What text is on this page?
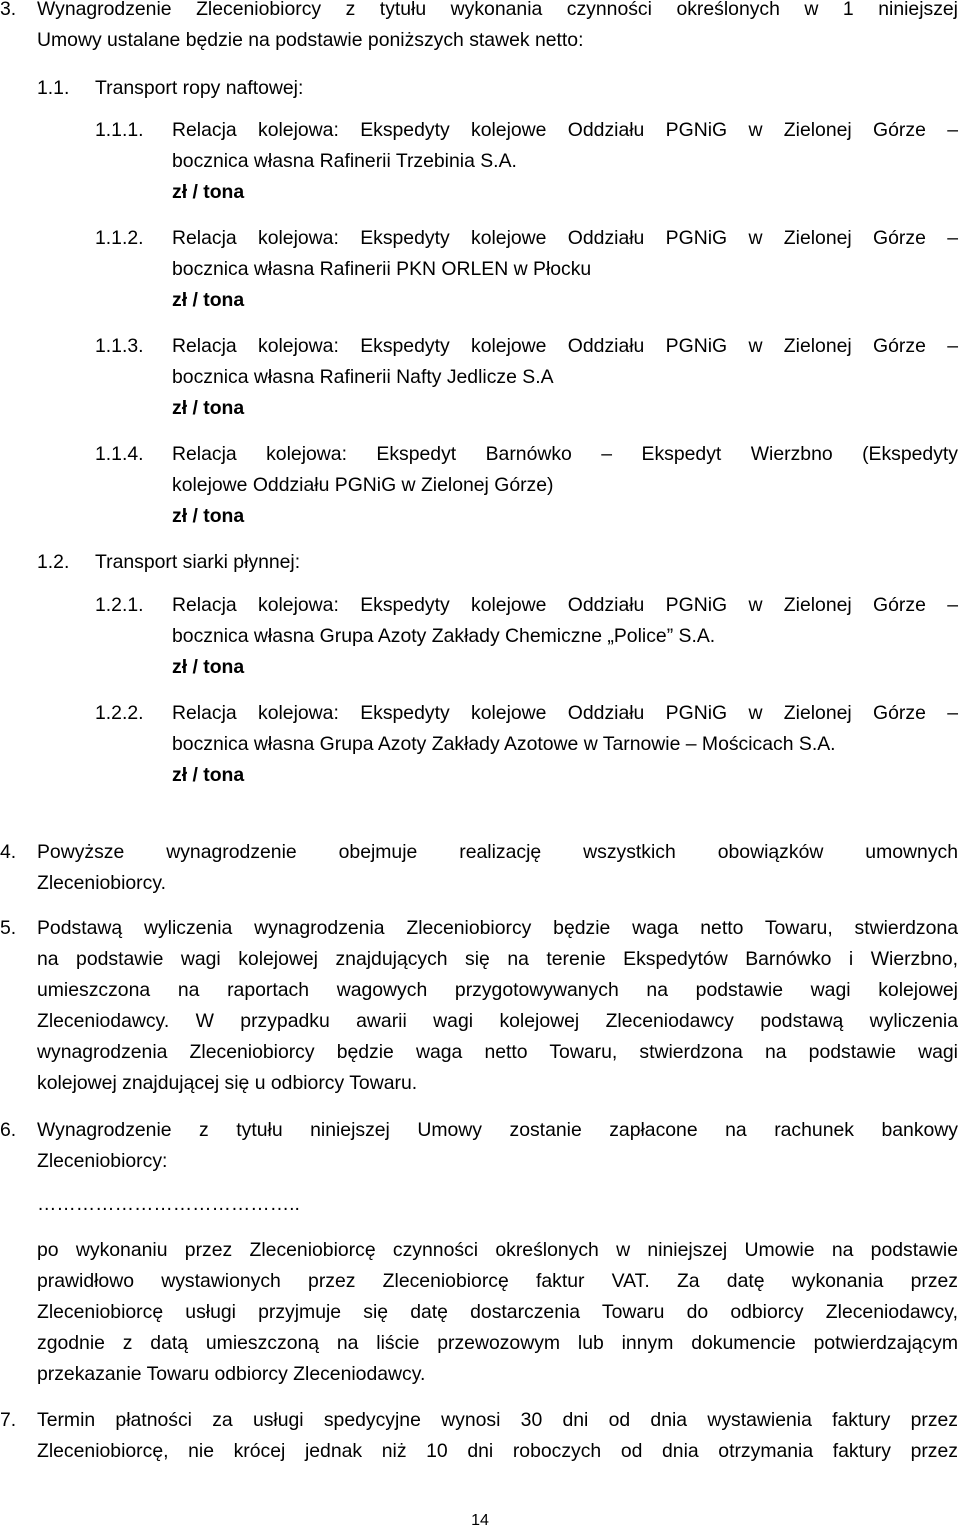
3. Wynagrodzenie Zleceniobiorcy z tytułu wykonania czynności określonych w 1 niniejszej
Umowy ustalane będzie na podstawie poniższych stawek netto:
1.1. Transport ropy naftowej:
1.1.1. Relacja kolejowa: Ekspedyty kolejowe Oddziału PGNiG w Zielonej Górze –
bocznica własna Rafinerii Trzebinia S.A.
zł / tona
1.1.2. Relacja kolejowa: Ekspedyty kolejowe Oddziału PGNiG w Zielonej Górze –
bocznica własna Rafinerii PKN ORLEN w Płocku
zł / tona
1.1.3. Relacja kolejowa: Ekspedyty kolejowe Oddziału PGNiG w Zielonej Górze –
bocznica własna Rafinerii Nafty Jedlicze S.A
zł / tona
1.1.4. Relacja kolejowa: Ekspedyt Barnówko – Ekspedyt Wierzbno (Ekspedyty
kolejowe Oddziału PGNiG w Zielonej Górze)
zł / tona
1.2. Transport siarki płynnej:
1.2.1. Relacja kolejowa: Ekspedyty kolejowe Oddziału PGNiG w Zielonej Górze –
bocznica własna Grupa Azoty Zakłady Chemiczne „Police” S.A.
zł / tona
1.2.2. Relacja kolejowa: Ekspedyty kolejowe Oddziału PGNiG w Zielonej Górze –
bocznica własna Grupa Azoty Zakłady Azotowe w Tarnowie – Mościcach S.A.
zł / tona
4. Powyższe wynagrodzenie obejmuje realizację wszystkich obowiązków umownych
Zleceniobiorcy.
5. Podstawą wyliczenia wynagrodzenia Zleceniobiorcy będzie waga netto Towaru, stwierdzona
na podstawie wagi kolejowej znajdujących się na terenie Ekspedytów Barnówko i Wierzbno,
umieszczona na raportach wagowych przygotowywanych na podstawie wagi kolejowej
Zleceniodawcy. W przypadku awarii wagi kolejowej Zleceniodawcy podstawą wyliczenia
wynagrodzenia Zleceniobiorcy będzie waga netto Towaru, stwierdzona na podstawie wagi
kolejowej znajdującej się u odbiorcy Towaru.
6. Wynagrodzenie z tytułu niniejszej Umowy zostanie zapłacone na rachunek bankowy
Zleceniobiorcy:
…………………………………..
po wykonaniu przez Zleceniobiorcę czynności określonych w niniejszej Umowie na podstawie
prawidłowo wystawionych przez Zleceniobiorcę faktur VAT. Za datę wykonania przez
Zleceniobiorcę usługi przyjmuje się datę dostarczenia Towaru do odbiorcy Zleceniodawcy,
zgodnie z datą umieszczoną na liście przewozowym lub innym dokumencie potwierdzającym
przekazanie Towaru odbiorcy Zleceniodawcy.
7. Termin płatności za usługi spedycyjne wynosi 30 dni od dnia wystawienia faktury przez
Zleceniobiorcę, nie krócej jednak niż 10 dni roboczych od dnia otrzymania faktury przez
14
